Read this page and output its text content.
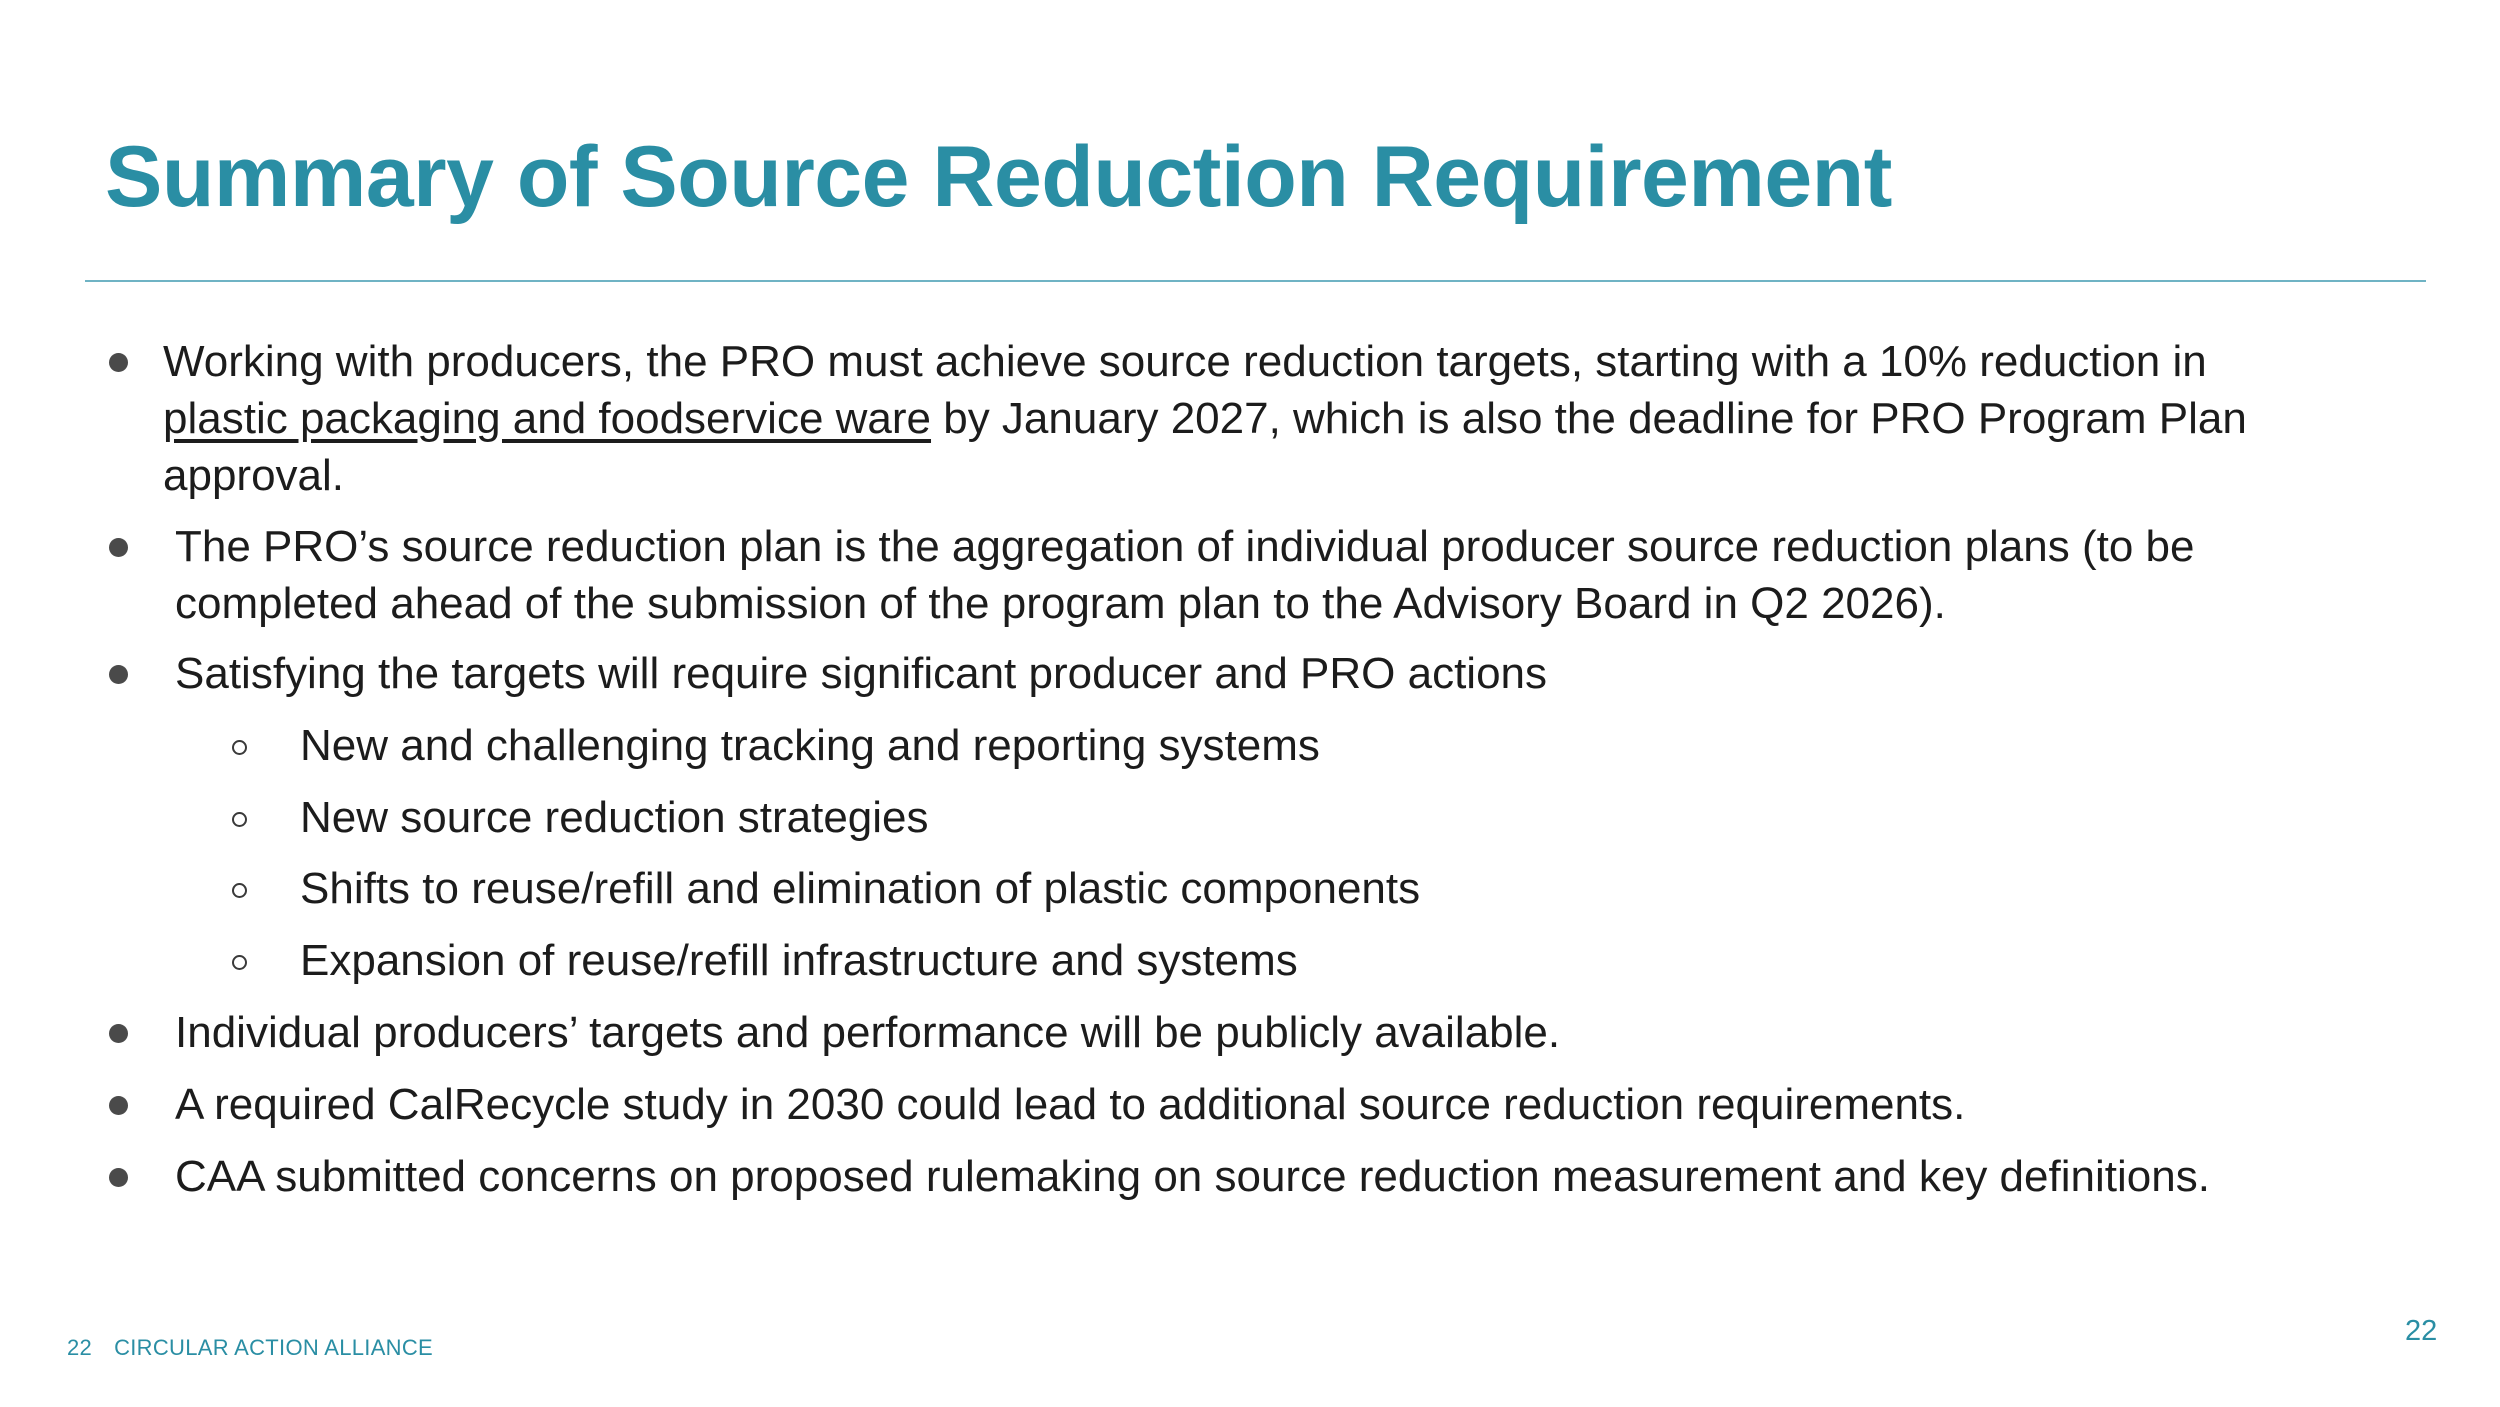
Summary of Source Reduction Requirement
Working with producers, the PRO must achieve source reduction targets, starting with a 10% reduction in
plastic packaging and foodservice ware by January 2027, which is also the deadline for PRO Program Plan
approval.
The PRO’s source reduction plan is the aggregation of individual producer source reduction plans (to be
completed ahead of the submission of the program plan to the Advisory Board in Q2 2026).
Satisfying the targets will require significant producer and PRO actions
New and challenging tracking and reporting systems
New source reduction strategies
Shifts to reuse/refill and elimination of plastic components
Expansion of reuse/refill infrastructure and systems
Individual producers’ targets and performance will be publicly available.
A required CalRecycle study in 2030 could lead to additional source reduction requirements.
CAA submitted concerns on proposed rulemaking on source reduction measurement and key definitions.
22 CIRCULAR ACTION ALLIANCE
22
